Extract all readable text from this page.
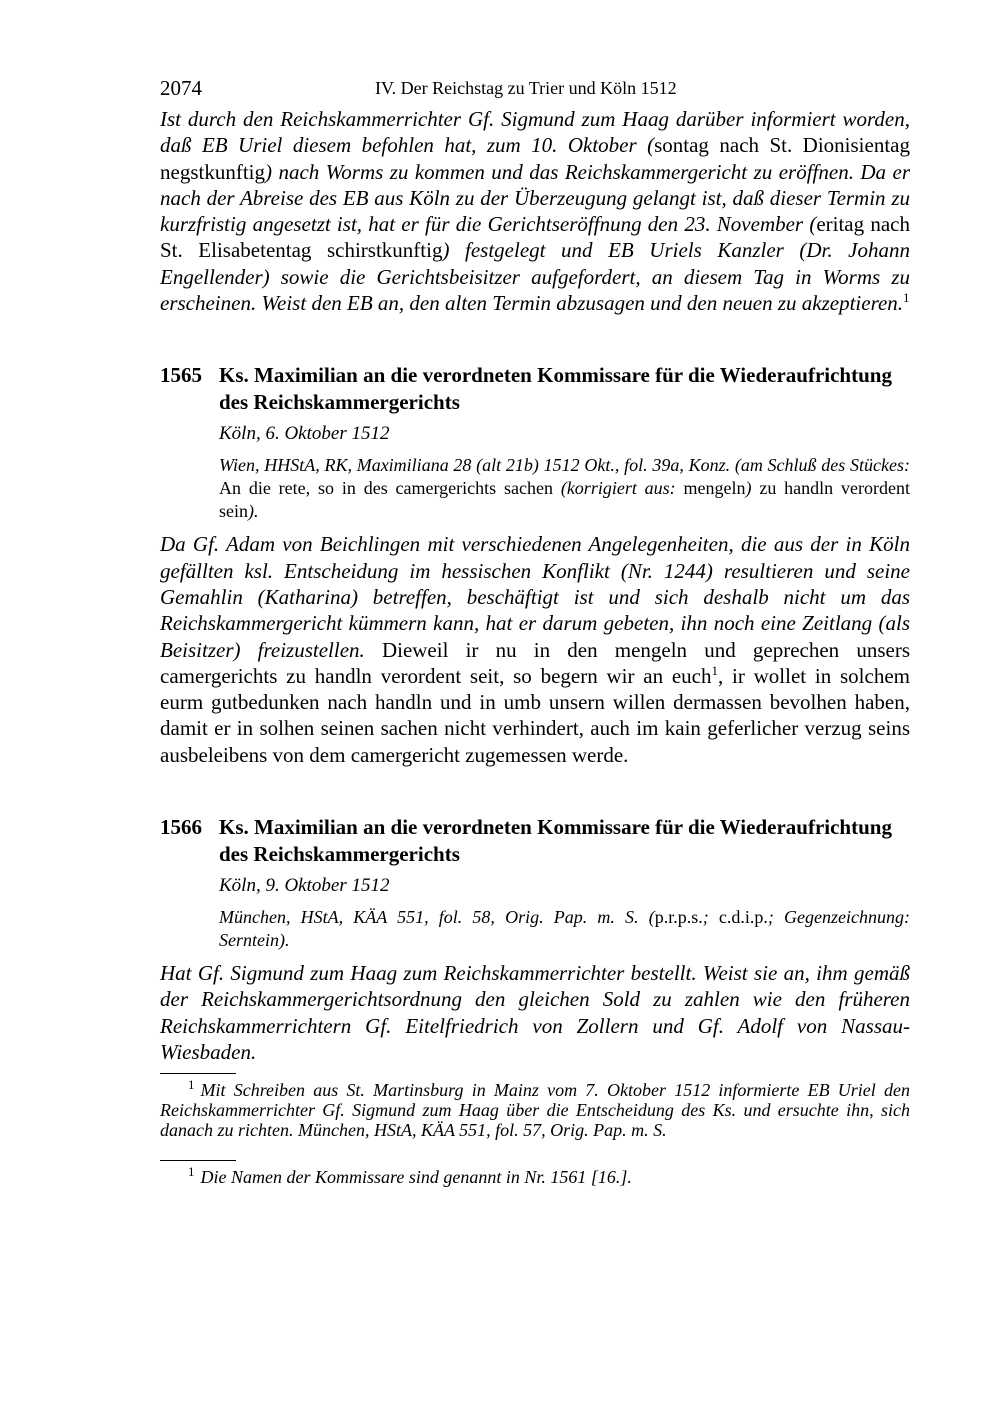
2074	IV. Der Reichstag zu Trier und Köln 1512

Ist durch den Reichskammerrichter Gf. Sigmund zum Haag darüber informiert worden, daß EB Uriel diesem befohlen hat, zum 10. Oktober (sontag nach St. Dionisientag negstkunftig) nach Worms zu kommen und das Reichskammergericht zu eröffnen. Da er nach der Abreise des EB aus Köln zu der Überzeugung gelangt ist, daß dieser Termin zu kurzfristig angesetzt ist, hat er für die Gerichtseröffnung den 23. November (eritag nach St. Elisabetentag schirstkunftig) festgelegt und EB Uriels Kanzler (Dr. Johann Engellender) sowie die Gerichtsbeisitzer aufgefordert, an diesem Tag in Worms zu erscheinen. Weist den EB an, den alten Termin abzusagen und den neuen zu akzeptieren.$^1$

1565 Ks. Maximilian an die verordneten Kommissare für die Wiederaufrichtung des Reichskammergerichts
Köln, 6. Oktober 1512
Wien, HHStA, RK, Maximiliana 28 (alt 21b) 1512 Okt., fol. 39a, Konz. (am Schluß des Stückes: An die rete, so in des camergerichts sachen (korrigiert aus: mengeln) zu handln verordent sein).

Da Gf. Adam von Beichlingen mit verschiedenen Angelegenheiten, die aus der in Köln gefällten ksl. Entscheidung im hessischen Konflikt (Nr. 1244) resultieren und seine Gemahlin (Katharina) betreffen, beschäftigt ist und sich deshalb nicht um das Reichskammergericht kümmern kann, hat er darum gebeten, ihn noch eine Zeitlang (als Beisitzer) freizustellen. Dieweil ir nu in den mengeln und geprechen unsers camergerichts zu handln verordent seit, so begern wir an euch$^1$, ir wollet in solchem eurm gutbedunken nach handln und in umb unsern willen dermassen bevolhen haben, damit er in solhen seinen sachen nicht verhindert, auch im kain geferlicher verzug seins ausbeleibens von dem camergericht zugemessen werde.

1566 Ks. Maximilian an die verordneten Kommissare für die Wiederaufrichtung des Reichskammergerichts
Köln, 9. Oktober 1512
München, HStA, KÄA 551, fol. 58, Orig. Pap. m. S. (p.r.p.s.; c.d.i.p.; Gegenzeichnung: Serntein).

Hat Gf. Sigmund zum Haag zum Reichskammerrichter bestellt. Weist sie an, ihm gemäß der Reichskammergerichtsordnung den gleichen Sold zu zahlen wie den früheren Reichskammerrichtern Gf. Eitelfriedrich von Zollern und Gf. Adolf von Nassau-Wiesbaden.

$^1$ Mit Schreiben aus St. Martinsburg in Mainz vom 7. Oktober 1512 informierte EB Uriel den Reichskammerrichter Gf. Sigmund zum Haag über die Entscheidung des Ks. und ersuchte ihn, sich danach zu richten. München, HStA, KÄA 551, fol. 57, Orig. Pap. m. S.

$^1$ Die Namen der Kommissare sind genannt in Nr. 1561 [16.].
